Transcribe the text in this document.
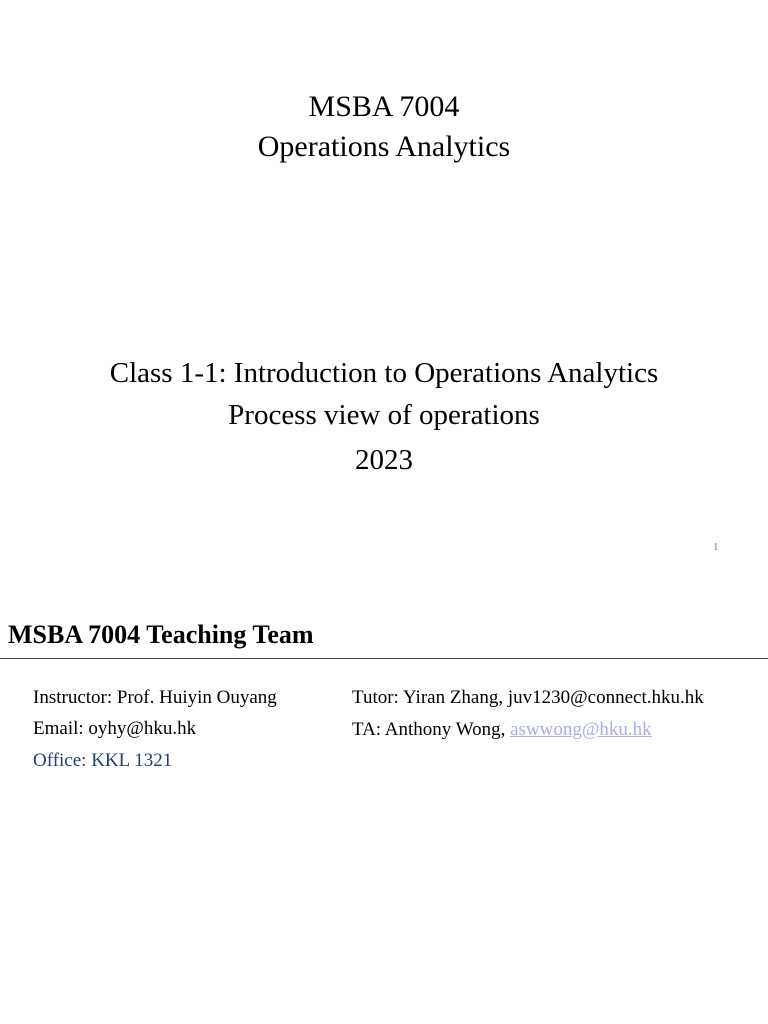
MSBA 7004
Operations Analytics
Class 1-1: Introduction to Operations Analytics
Process view of operations
2023
1
MSBA 7004 Teaching Team
Instructor: Prof. Huiyin Ouyang
Email: oyhy@hku.hk
Office: KKL 1321
Tutor: Yiran Zhang, juv1230@connect.hku.hk
TA: Anthony Wong, aswwong@hku.hk
